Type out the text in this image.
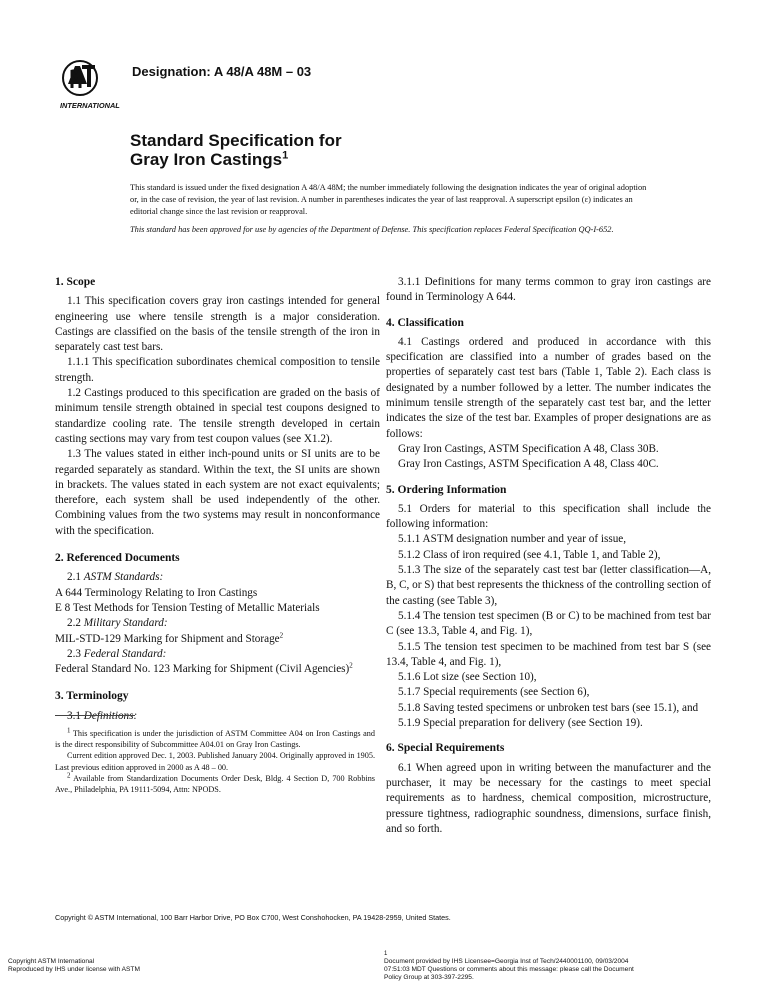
INTERNATIONAL
Designation: A 48/A 48M – 03
Standard Specification for
Gray Iron Castings$^1$

This standard is issued under the fixed designation A 48/A 48M; the number immediately following the designation indicates the year of original adoption or, in the case of revision, the year of last revision. A number in parentheses indicates the year of last reapproval. A superscript epsilon (ε) indicates an editorial change since the last revision or reapproval.

This standard has been approved for use by agencies of the Department of Defense. This specification replaces Federal Specification QQ-I-652.

1. Scope

1.1 This specification covers gray iron castings intended for general engineering use where tensile strength is a major consideration. Castings are classified on the basis of the tensile strength of the iron in separately cast test bars.

1.1.1 This specification subordinates chemical composition to tensile strength.

1.2 Castings produced to this specification are graded on the basis of minimum tensile strength obtained in special test coupons designed to standardize cooling rate. The tensile strength developed in certain casting sections may vary from test coupon values (see X1.2).

1.3 The values stated in either inch-pound units or SI units are to be regarded separately as standard. Within the text, the SI units are shown in brackets. The values stated in each system are not exact equivalents; therefore, each system shall be used independently of the other. Combining values from the two systems may result in nonconformance with the specification.

2. Referenced Documents

2.1 ASTM Standards:

A 644 Terminology Relating to Iron Castings

E 8 Test Methods for Tension Testing of Metallic Materials

2.2 Military Standard:

MIL-STD-129 Marking for Shipment and Storage$^2$

2.3 Federal Standard:

Federal Standard No. 123 Marking for Shipment (Civil Agencies)$^2$

3. Terminology

3.1 Definitions:

$^1$ This specification is under the jurisdiction of ASTM Committee A04 on Iron Castings and is the direct responsibility of Subcommittee A04.01 on Gray Iron Castings.

Current edition approved Dec. 1, 2003. Published January 2004. Originally approved in 1905. Last previous edition approved in 2000 as A 48 – 00.

$^2$ Available from Standardization Documents Order Desk, Bldg. 4 Section D, 700 Robbins Ave., Philadelphia, PA 19111-5094, Attn: NPODS.

3.1.1 Definitions for many terms common to gray iron castings are found in Terminology A 644.

4. Classification

4.1 Castings ordered and produced in accordance with this specification are classified into a number of grades based on the properties of separately cast test bars (Table 1, Table 2). Each class is designated by a number followed by a letter. The number indicates the minimum tensile strength of the separately cast test bar, and the letter indicates the size of the test bar. Examples of proper designations are as follows:

Gray Iron Castings, ASTM Specification A 48, Class 30B.

Gray Iron Castings, ASTM Specification A 48, Class 40C.

5. Ordering Information

5.1 Orders for material to this specification shall include the following information:

5.1.1 ASTM designation number and year of issue,

5.1.2 Class of iron required (see 4.1, Table 1, and Table 2),

5.1.3 The size of the separately cast test bar (letter classification—A, B, C, or S) that best represents the thickness of the controlling section of the casting (see Table 3),

5.1.4 The tension test specimen (B or C) to be machined from test bar C (see 13.3, Table 4, and Fig. 1),

5.1.5 The tension test specimen to be machined from test bar S (see 13.4, Table 4, and Fig. 1),

5.1.6 Lot size (see Section 10),

5.1.7 Special requirements (see Section 6),

5.1.8 Saving tested specimens or unbroken test bars (see 15.1), and

5.1.9 Special preparation for delivery (see Section 19).

6. Special Requirements

6.1 When agreed upon in writing between the manufacturer and the purchaser, it may be necessary for the castings to meet special requirements as to hardness, chemical composition, microstructure, pressure tightness, radiographic soundness, dimensions, surface finish, and so forth.

Copyright © ASTM International, 100 Barr Harbor Drive, PO Box C700, West Conshohocken, PA 19428-2959, United States.
Copyright ASTM International
Reproduced by IHS under license with ASTM
1
Document provided by IHS Licensee=Georgia Inst of Tech/2440001100, 09/03/2004
07:51:03 MDT Questions or comments about this message: please call the Document
Policy Group at 303-397-2295.
